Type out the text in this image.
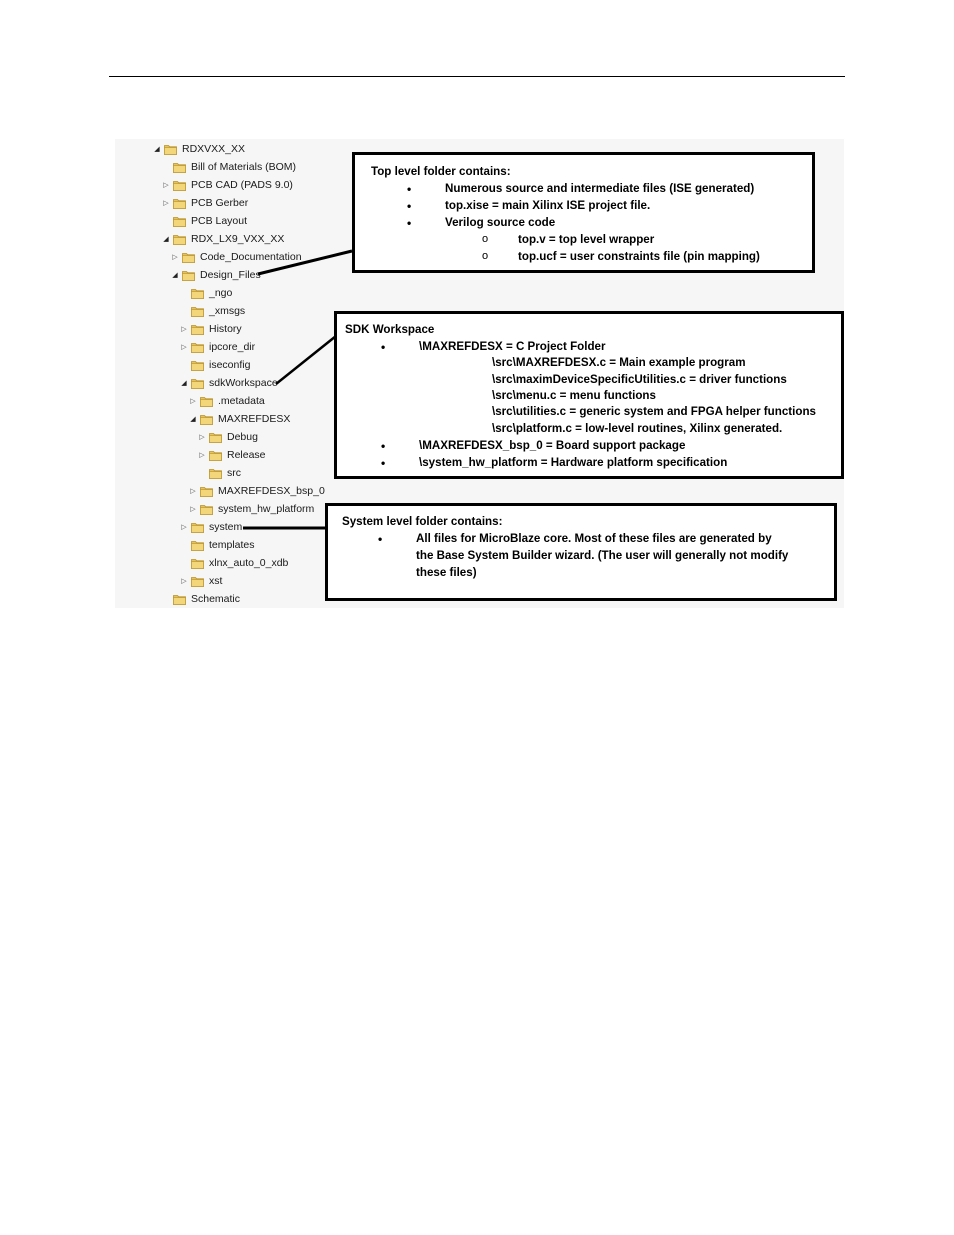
◢ RDXVXX_XX
Bill of Materials (BOM)
▷ PCB CAD (PADS 9.0)
▷ PCB Gerber
PCB Layout
◢ RDX_LX9_VXX_XX
▷ Code_Documentation
◢ Design_Files
_ngo
_xmsgs
▷ History
▷ ipcore_dir
iseconfig
◢ sdkWorkspace
▷ .metadata
◢ MAXREFDESX
▷ Debug
▷ Release
src
▷ MAXREFDESX_bsp_0
▷ system_hw_platform
▷ system
templates
xlnx_auto_0_xdb
▷ xst
Schematic
Top level folder contains:
•	Numerous source and intermediate files (ISE generated)
•	top.xise = main Xilinx ISE project file.
•	Verilog source code
o	top.v = top level wrapper
o	top.ucf = user constraints file (pin mapping)
SDK Workspace
•	\MAXREFDESX = C Project Folder
\src\MAXREFDESX.c = Main example program
\src\maximDeviceSpecificUtilities.c = driver functions
\src\menu.c = menu functions
\src\utilities.c = generic system and FPGA helper functions
\src\platform.c = low-level routines, Xilinx generated.
•	\MAXREFDESX_bsp_0 = Board support package
•	\system_hw_platform = Hardware platform specification
System level folder contains:
•	All files for MicroBlaze core. Most of these files are generated by
the Base System Builder wizard. (The user will generally not modify
these files)
